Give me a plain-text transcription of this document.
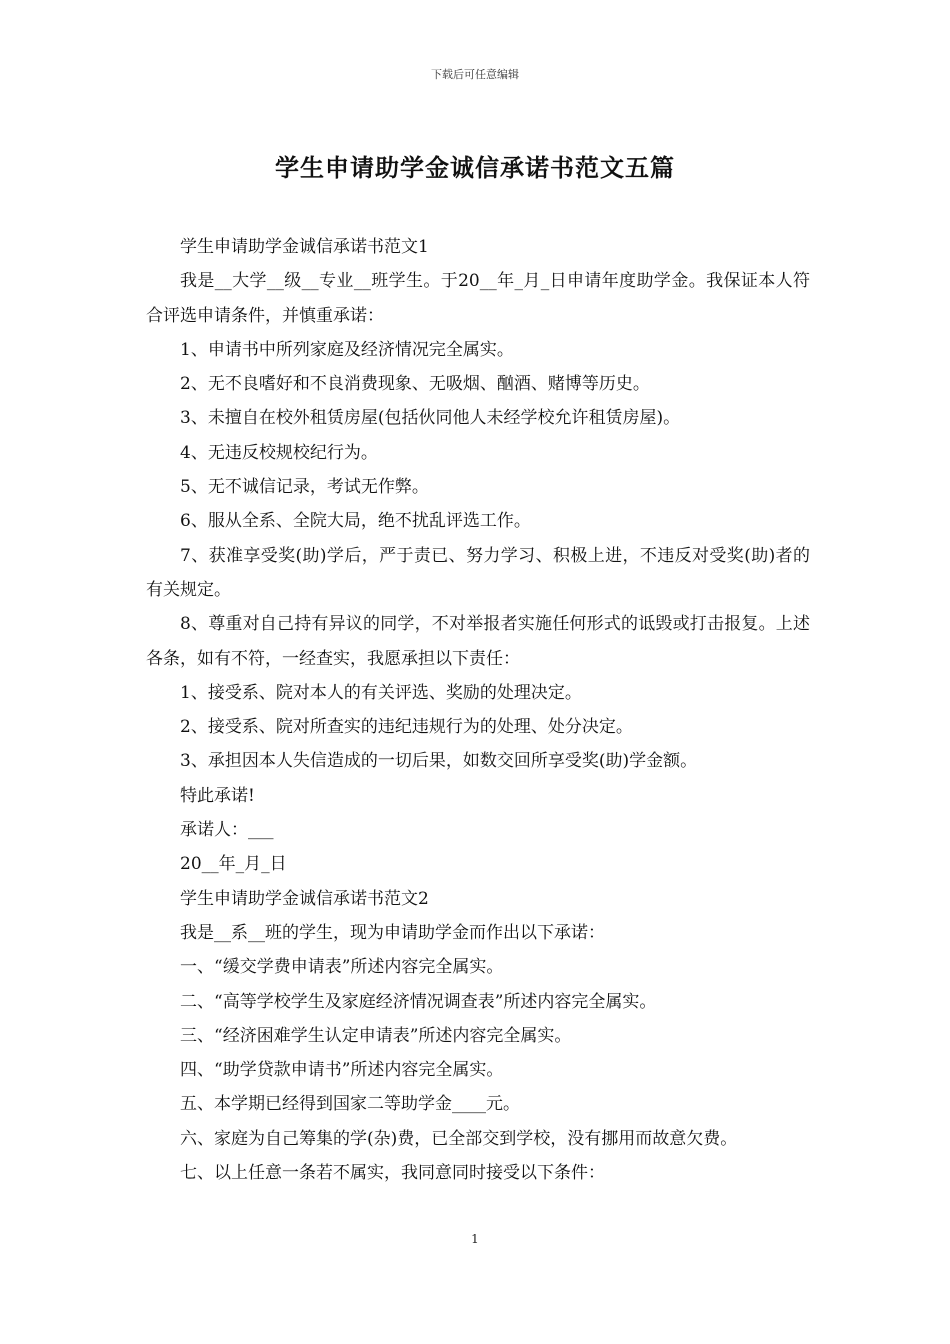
下载后可任意编辑
学生申请助学金诚信承诺书范文五篇

学生申请助学金诚信承诺书范文1

我是__大学__级__专业__班学生。于20__年_月_日申请年度助学金。我保证本人符合评选申请条件，并慎重承诺：

1、申请书中所列家庭及经济情况完全属实。

2、无不良嗜好和不良消费现象、无吸烟、酗酒、赌博等历史。

3、未擅自在校外租赁房屋(包括伙同他人未经学校允许租赁房屋)。

4、无违反校规校纪行为。

5、无不诚信记录，考试无作弊。

6、服从全系、全院大局，绝不扰乱评选工作。

7、获准享受奖(助)学后，严于责已、努力学习、积极上进，不违反对受奖(助)者的有关规定。

8、尊重对自己持有异议的同学，不对举报者实施任何形式的诋毁或打击报复。上述各条，如有不符，一经查实，我愿承担以下责任：

1、接受系、院对本人的有关评选、奖励的处理决定。

2、接受系、院对所查实的违纪违规行为的处理、处分决定。

3、承担因本人失信造成的一切后果，如数交回所享受奖(助)学金额。

特此承诺!

承诺人：___

20__年_月_日

学生申请助学金诚信承诺书范文2

我是__系__班的学生，现为申请助学金而作出以下承诺：

一、“缓交学费申请表”所述内容完全属实。

二、“高等学校学生及家庭经济情况调查表”所述内容完全属实。

三、“经济困难学生认定申请表”所述内容完全属实。

四、“助学贷款申请书”所述内容完全属实。

五、本学期已经得到国家二等助学金____元。

六、家庭为自己筹集的学(杂)费，已全部交到学校，没有挪用而故意欠费。

七、以上任意一条若不属实，我同意同时接受以下条件：

1
